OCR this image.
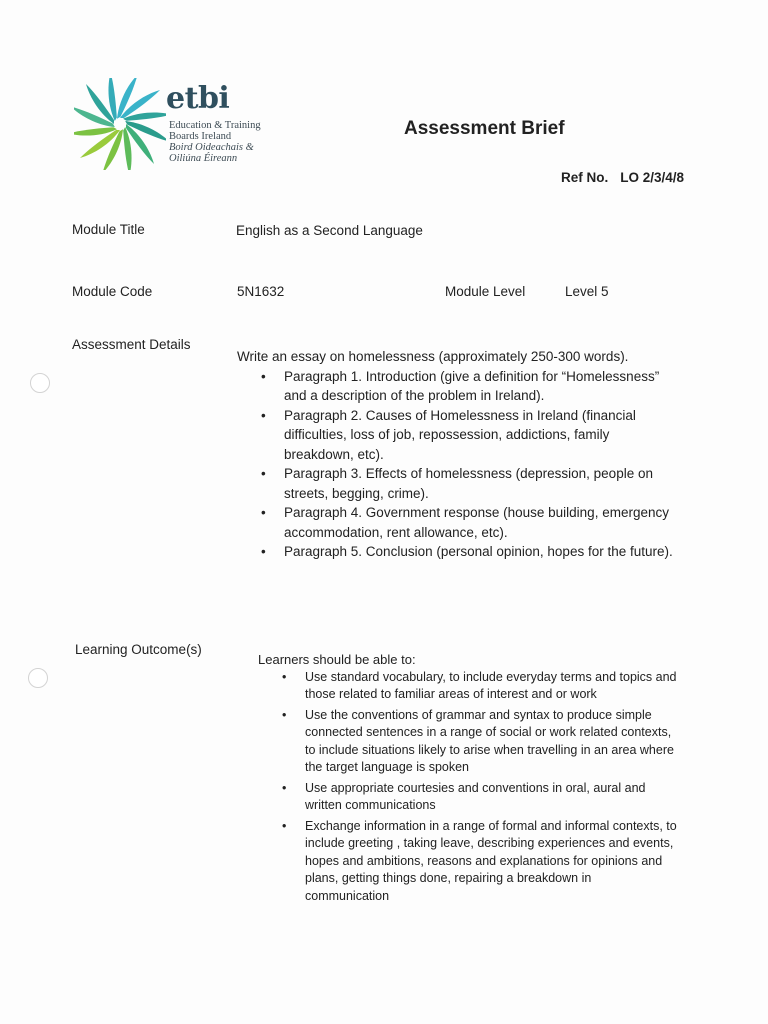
etbi
Education & Training
Boards Ireland
Boird Oideachais &
Oiliúna Éireann
Assessment Brief
Ref No. LO 2/3/4/8
Module Title	English as a Second Language
Module Code	5N1632	Module Level	Level 5
Assessment Details
Write an essay on homelessness (approximately 250-300 words).
• Paragraph 1. Introduction (give a definition for “Homelessness” and a description of the problem in Ireland).
• Paragraph 2. Causes of Homelessness in Ireland (financial difficulties, loss of job, repossession, addictions, family breakdown, etc).
• Paragraph 3. Effects of homelessness (depression, people on streets, begging, crime).
• Paragraph 4. Government response (house building, emergency accommodation, rent allowance, etc).
• Paragraph 5. Conclusion (personal opinion, hopes for the future).
Learning Outcome(s)
Learners should be able to:
• Use standard vocabulary, to include everyday terms and topics and those related to familiar areas of interest and or work
• Use the conventions of grammar and syntax to produce simple connected sentences in a range of social or work related contexts, to include situations likely to arise when travelling in an area where the target language is spoken
• Use appropriate courtesies and conventions in oral, aural and written communications
• Exchange information in a range of formal and informal contexts, to include greeting , taking leave, describing experiences and events, hopes and ambitions, reasons and explanations for opinions and plans, getting things done, repairing a breakdown in communication
